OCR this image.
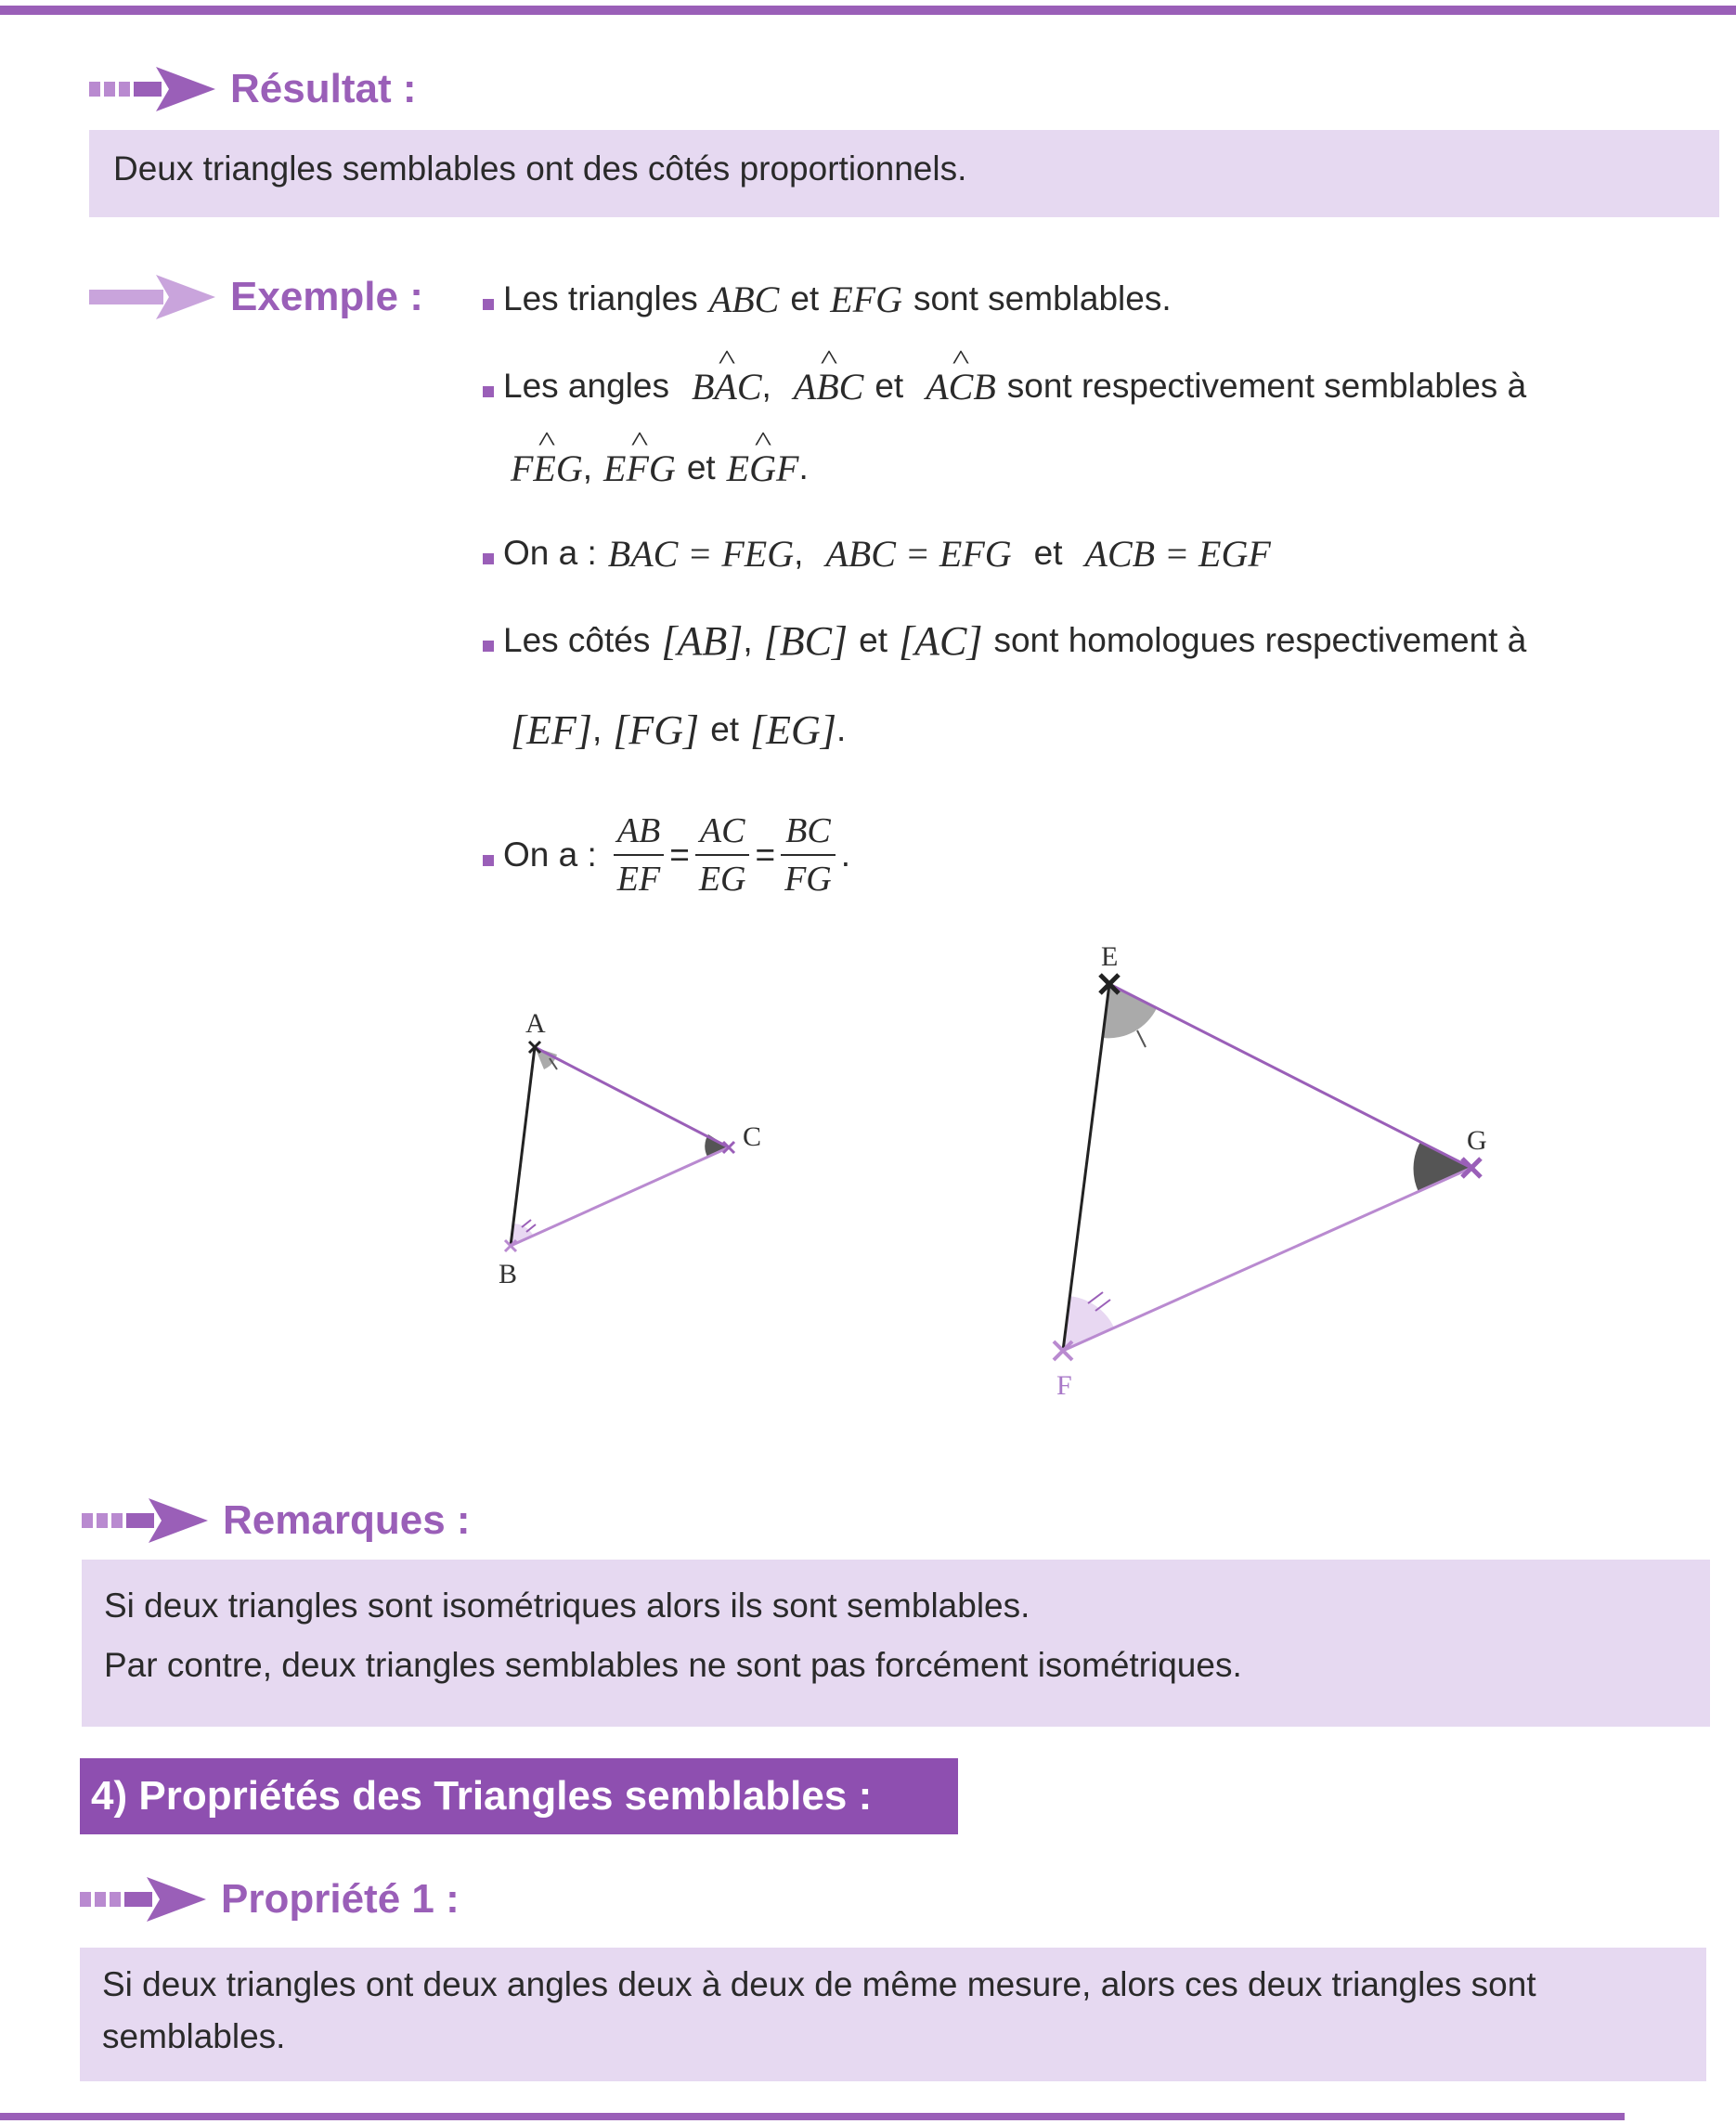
Résultat :
Deux triangles semblables ont des côtés proportionnels.
Exemple : Les triangles ABC et EFG sont semblables.
Les angles ^ BAC , ^ ABC et ^ ACB sont respectivement semblables à
^ FEG , ^ EFG et ^ EGF .
On a : BAC = FEG , ABC = EFG et ACB = EGF
Les côtés [AB] , [BC] et [AC] sont homologues respectivement à
[EF] , [FG] et [EG] .
On a : $\frac{AB}{EF} = \frac{AC}{EG} = \frac{BC}{FG}$ .
A
B
C
E
F
G
Remarques :
Si deux triangles sont isométriques alors ils sont semblables.
Par contre, deux triangles semblables ne sont pas forcément isométriques.
4) Propriétés des Triangles semblables :
Propriété 1 :
Si deux triangles ont deux angles deux à deux de même mesure, alors ces deux triangles sont semblables.
